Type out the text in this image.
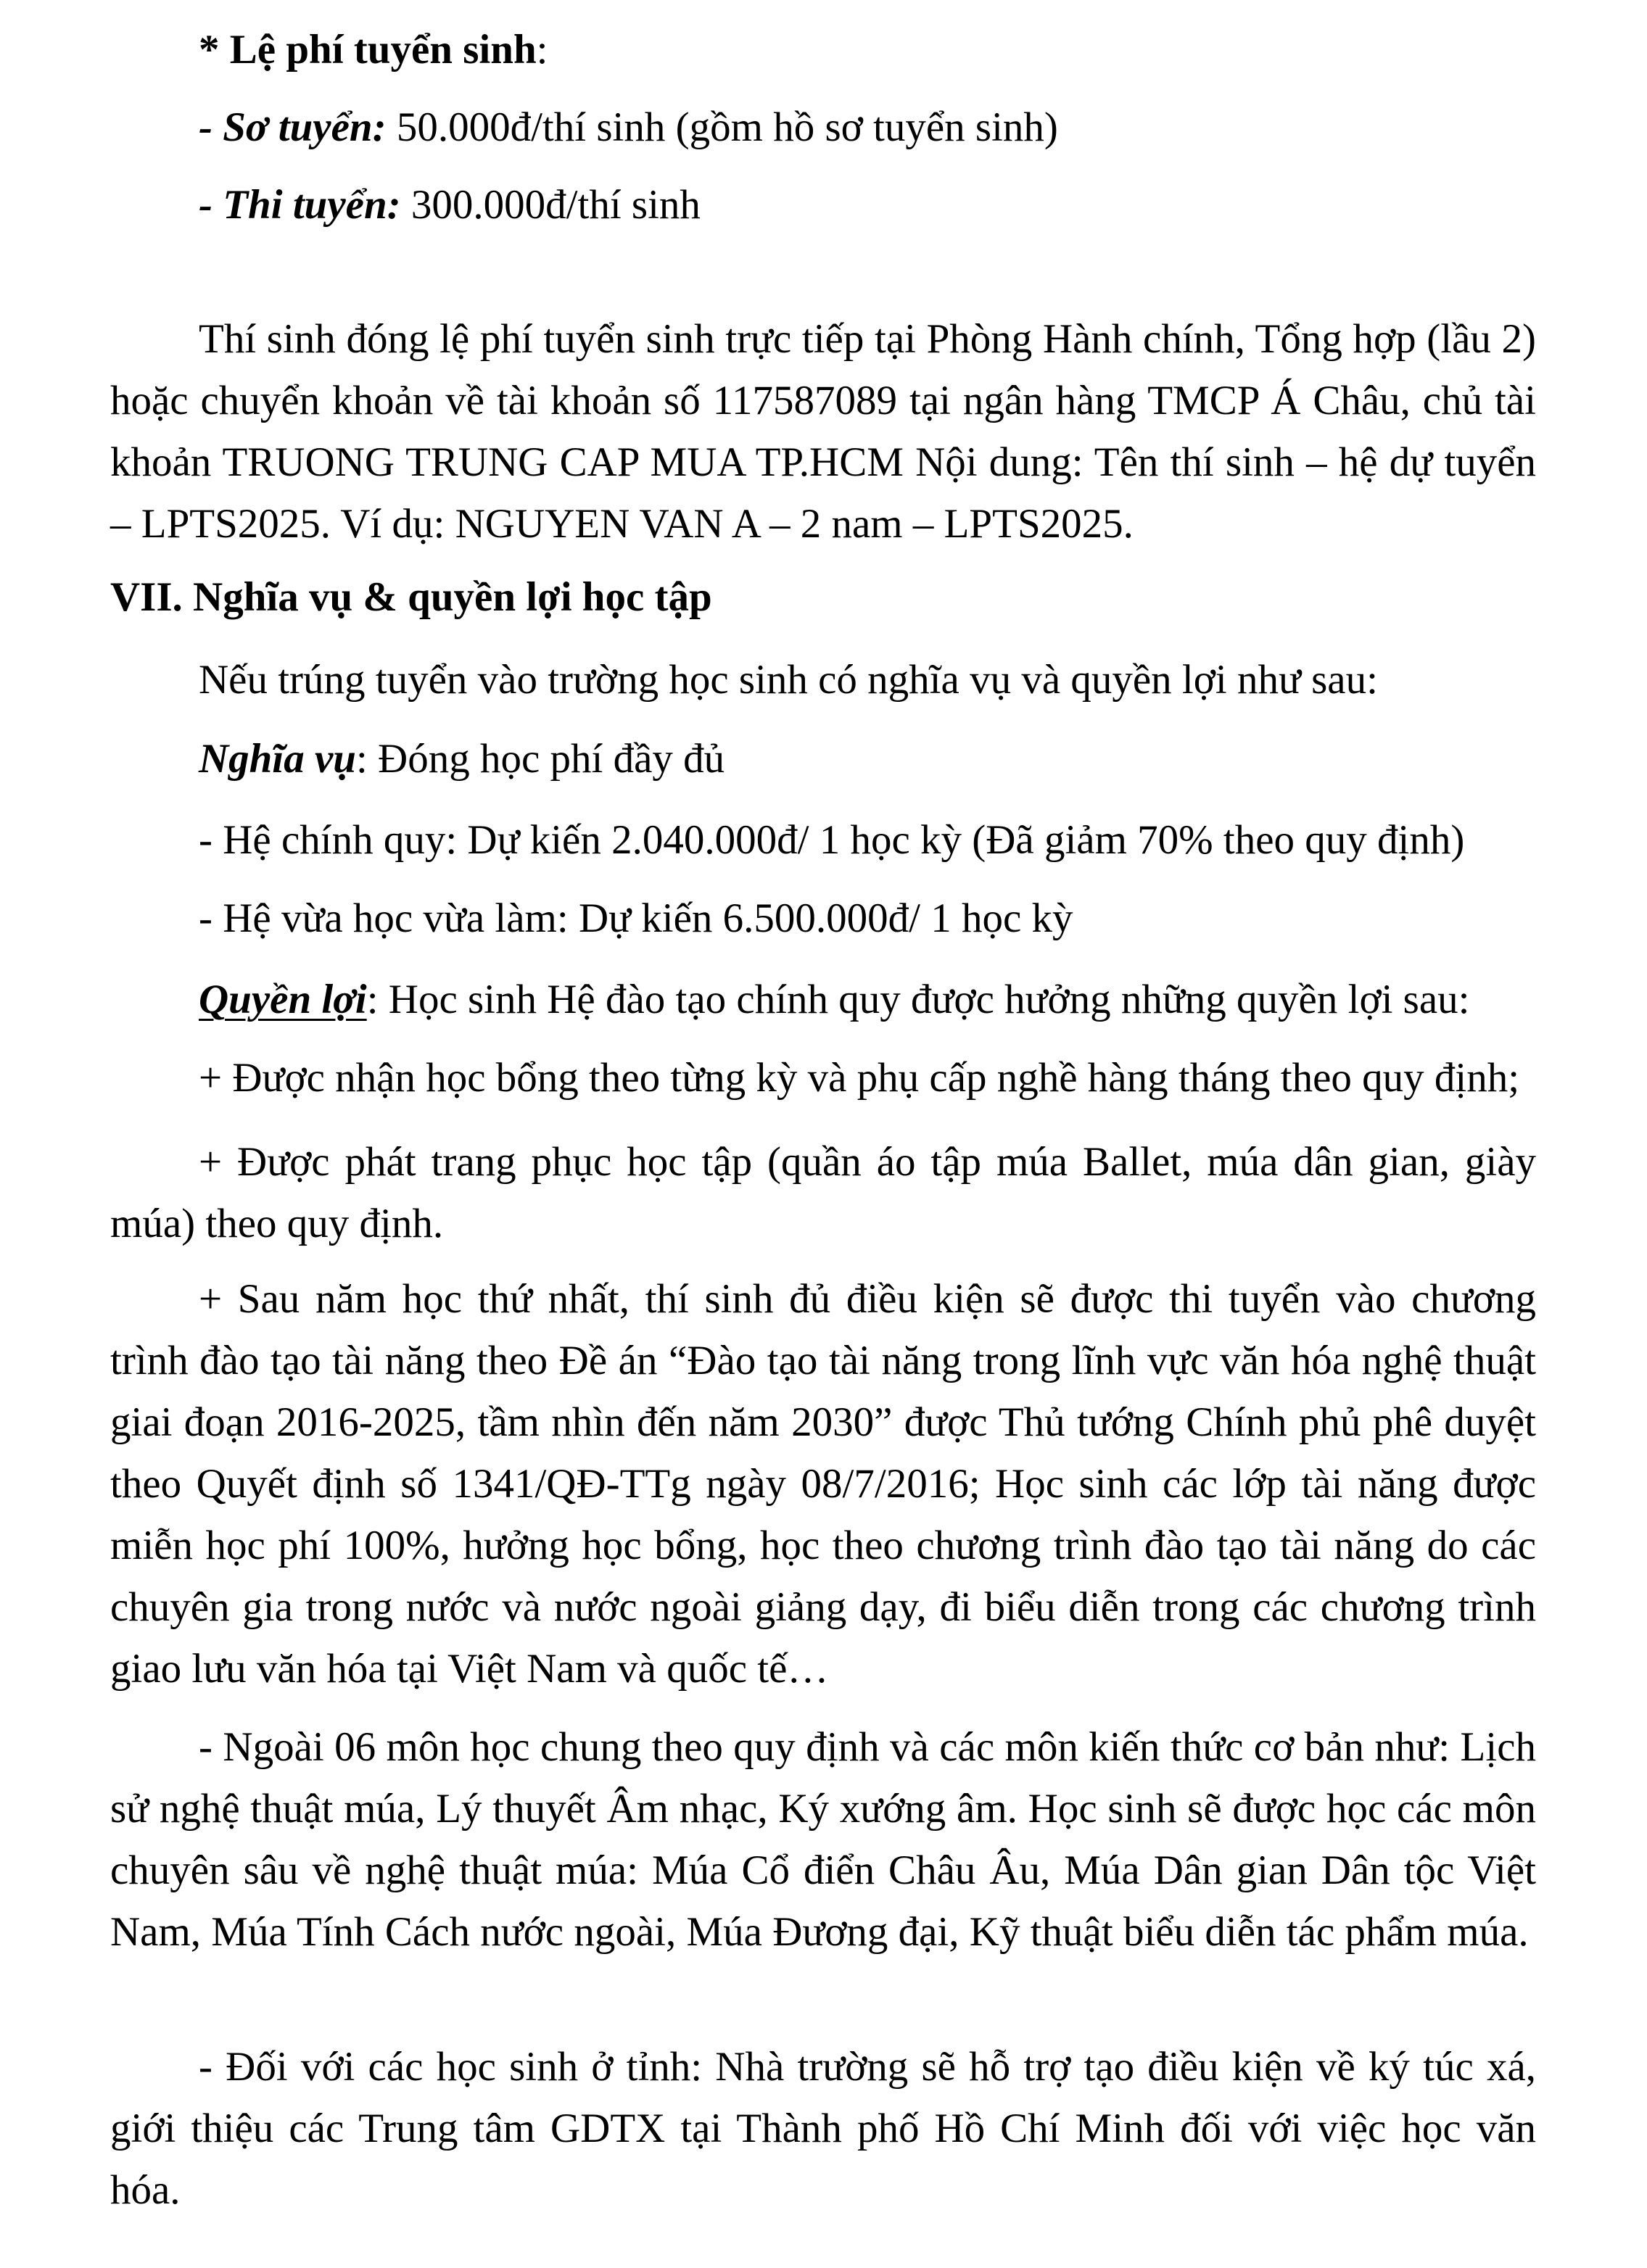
* Lệ phí tuyển sinh:

- Sơ tuyển: 50.000đ/thí sinh (gồm hồ sơ tuyển sinh)

- Thi tuyển: 300.000đ/thí sinh

Thí sinh đóng lệ phí tuyển sinh trực tiếp tại Phòng Hành chính, Tổng hợp (lầu 2) hoặc chuyển khoản về tài khoản số 117587089 tại ngân hàng TMCP Á Châu, chủ tài khoản TRUONG TRUNG CAP MUA TP.HCM Nội dung: Tên thí sinh – hệ dự tuyển – LPTS2025. Ví dụ: NGUYEN VAN A – 2 nam – LPTS2025.

VII. Nghĩa vụ & quyền lợi học tập

Nếu trúng tuyển vào trường học sinh có nghĩa vụ và quyền lợi như sau:

Nghĩa vụ: Đóng học phí đầy đủ

- Hệ chính quy: Dự kiến 2.040.000đ/ 1 học kỳ (Đã giảm 70% theo quy định)

- Hệ vừa học vừa làm: Dự kiến 6.500.000đ/ 1 học kỳ

Quyền lợi: Học sinh Hệ đào tạo chính quy được hưởng những quyền lợi sau:

+ Được nhận học bổng theo từng kỳ và phụ cấp nghề hàng tháng theo quy định;

+ Được phát trang phục học tập (quần áo tập múa Ballet, múa dân gian, giày múa) theo quy định.

+ Sau năm học thứ nhất, thí sinh đủ điều kiện sẽ được thi tuyển vào chương trình đào tạo tài năng theo Đề án “Đào tạo tài năng trong lĩnh vực văn hóa nghệ thuật giai đoạn 2016-2025, tầm nhìn đến năm 2030” được Thủ tướng Chính phủ phê duyệt theo Quyết định số 1341/QĐ-TTg ngày 08/7/2016; Học sinh các lớp tài năng được miễn học phí 100%, hưởng học bổng, học theo chương trình đào tạo tài năng do các chuyên gia trong nước và nước ngoài giảng dạy, đi biểu diễn trong các chương trình giao lưu văn hóa tại Việt Nam và quốc tế…

- Ngoài 06 môn học chung theo quy định và các môn kiến thức cơ bản như: Lịch sử nghệ thuật múa, Lý thuyết Âm nhạc, Ký xướng âm. Học sinh sẽ được học các môn chuyên sâu về nghệ thuật múa: Múa Cổ điển Châu Âu, Múa Dân gian Dân tộc Việt Nam, Múa Tính Cách nước ngoài, Múa Đương đại, Kỹ thuật biểu diễn tác phẩm múa.

- Đối với các học sinh ở tỉnh: Nhà trường sẽ hỗ trợ tạo điều kiện về ký túc xá, giới thiệu các Trung tâm GDTX tại Thành phố Hồ Chí Minh đối với việc học văn hóa.
